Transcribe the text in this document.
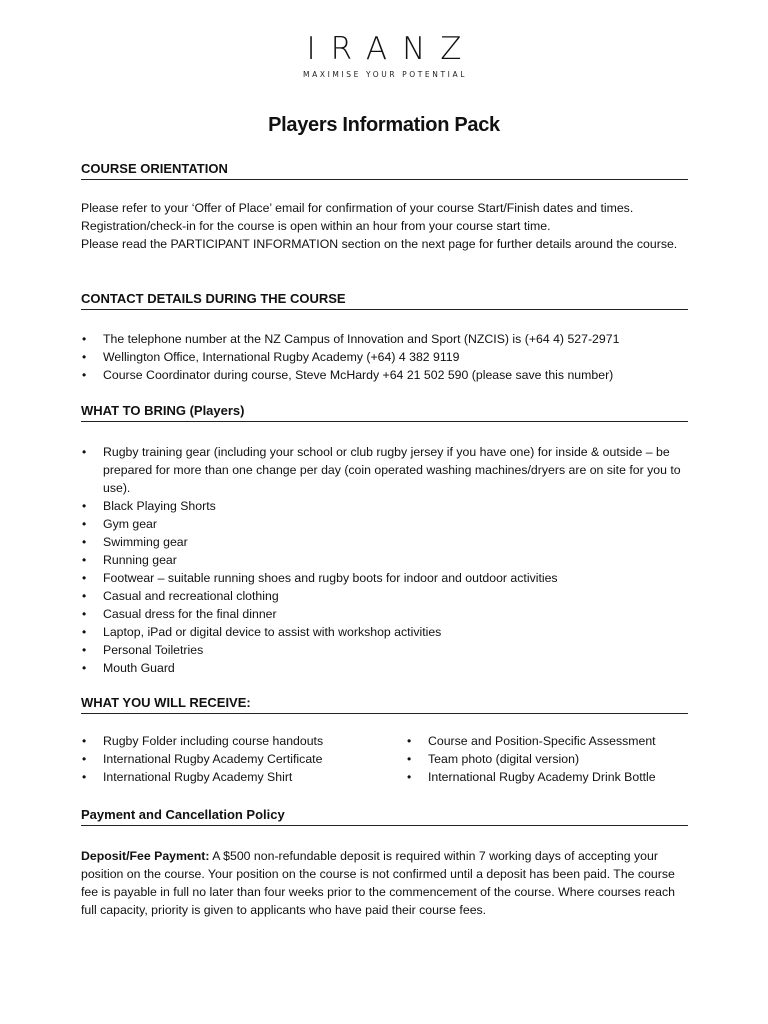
IRANZ
MAXIMISE YOUR POTENTIAL
Players Information Pack
COURSE ORIENTATION

Please refer to your ‘Offer of Place’ email for confirmation of your course Start/Finish dates and times.
Registration/check-in for the course is open within an hour from your course start time.
Please read the PARTICIPANT INFORMATION section on the next page for further details around the course.

CONTACT DETAILS DURING THE COURSE
• The telephone number at the NZ Campus of Innovation and Sport (NZCIS) is (+64 4) 527-2971
• Wellington Office, International Rugby Academy (+64) 4 382 9119
• Course Coordinator during course, Steve McHardy +64 21 502 590 (please save this number)
WHAT TO BRING (Players)
• Rugby training gear (including your school or club rugby jersey if you have one) for inside & outside – be prepared for more than one change per day (coin operated washing machines/dryers are on site for you to use).
• Black Playing Shorts
• Gym gear
• Swimming gear
• Running gear
• Footwear – suitable running shoes and rugby boots for indoor and outdoor activities
• Casual and recreational clothing
• Casual dress for the final dinner
• Laptop, iPad or digital device to assist with workshop activities
• Personal Toiletries
• Mouth Guard
WHAT YOU WILL RECEIVE:
• Rugby Folder including course handouts
• International Rugby Academy Certificate
• International Rugby Academy Shirt
• Course and Position-Specific Assessment
• Team photo (digital version)
• International Rugby Academy Drink Bottle
Payment and Cancellation Policy

Deposit/Fee Payment: A $500 non-refundable deposit is required within 7 working days of accepting your position on the course. Your position on the course is not confirmed until a deposit has been paid. The course fee is payable in full no later than four weeks prior to the commencement of the course. Where courses reach full capacity, priority is given to applicants who have paid their course fees.
